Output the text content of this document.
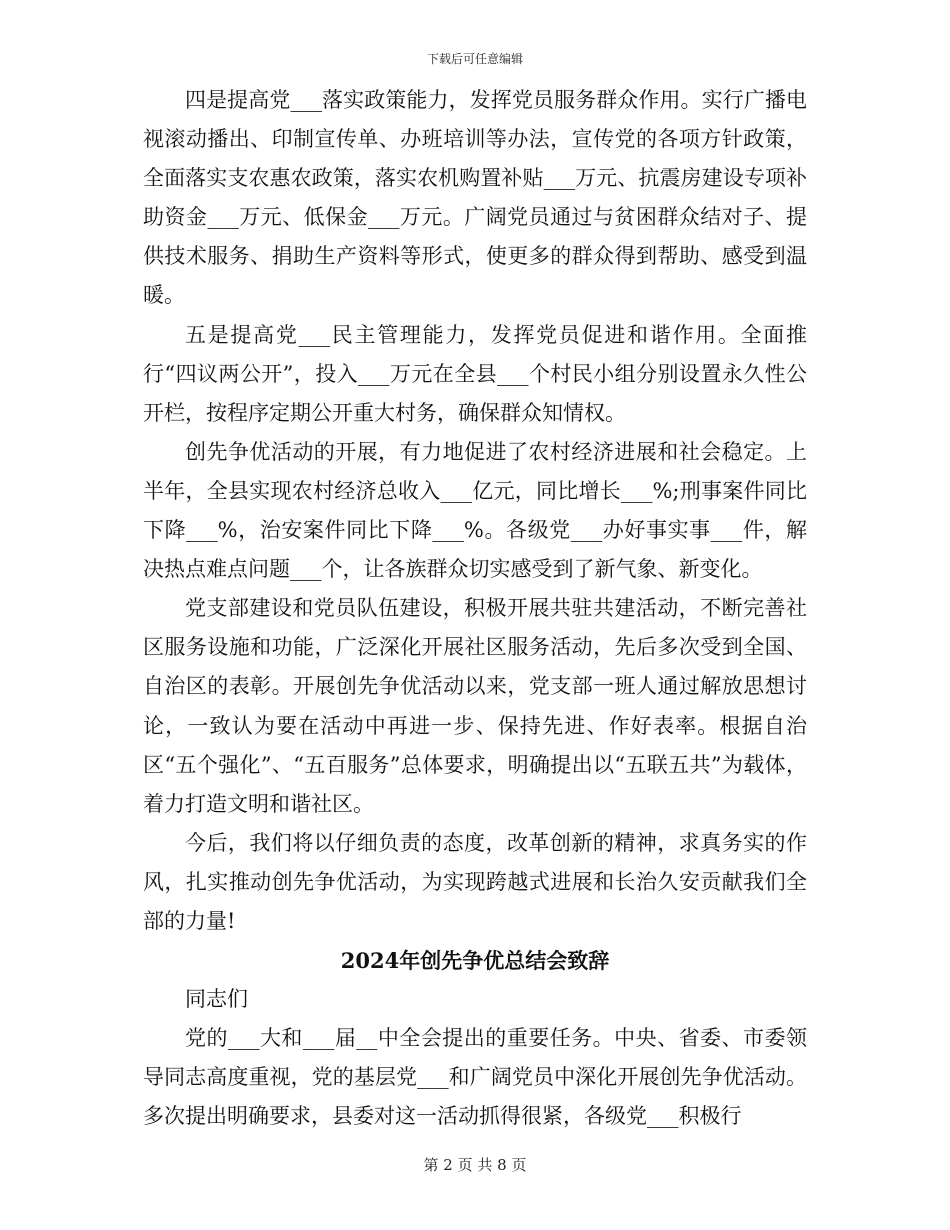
下载后可任意编辑

四是提高党___落实政策能力，发挥党员服务群众作用。实行广播电视滚动播出、印制宣传单、办班培训等办法，宣传党的各项方针政策，全面落实支农惠农政策，落实农机购置补贴___万元、抗震房建设专项补助资金___万元、低保金___万元。广阔党员通过与贫困群众结对子、提供技术服务、捐助生产资料等形式，使更多的群众得到帮助、感受到温暖。

五是提高党___民主管理能力，发挥党员促进和谐作用。全面推行“四议两公开”，投入___万元在全县___个村民小组分别设置永久性公开栏，按程序定期公开重大村务，确保群众知情权。

创先争优活动的开展，有力地促进了农村经济进展和社会稳定。上半年，全县实现农村经济总收入___亿元，同比增长___%;刑事案件同比下降___%，治安案件同比下降___%。各级党___办好事实事___件，解决热点难点问题___个，让各族群众切实感受到了新气象、新变化。

党支部建设和党员队伍建设，积极开展共驻共建活动，不断完善社区服务设施和功能，广泛深化开展社区服务活动，先后多次受到全国、自治区的表彰。开展创先争优活动以来，党支部一班人通过解放思想讨论，一致认为要在活动中再进一步、保持先进、作好表率。根据自治区“五个强化”、“五百服务”总体要求，明确提出以“五联五共”为载体，着力打造文明和谐社区。

今后，我们将以仔细负责的态度，改革创新的精神，求真务实的作风，扎实推动创先争优活动，为实现跨越式进展和长治久安贡献我们全部的力量!

2024年创先争优总结会致辞

同志们

党的___大和___届__中全会提出的重要任务。中央、省委、市委领导同志高度重视，党的基层党___和广阔党员中深化开展创先争优活动。多次提出明确要求，县委对这一活动抓得很紧，各级党___积极行

第 2 页 共 8 页
